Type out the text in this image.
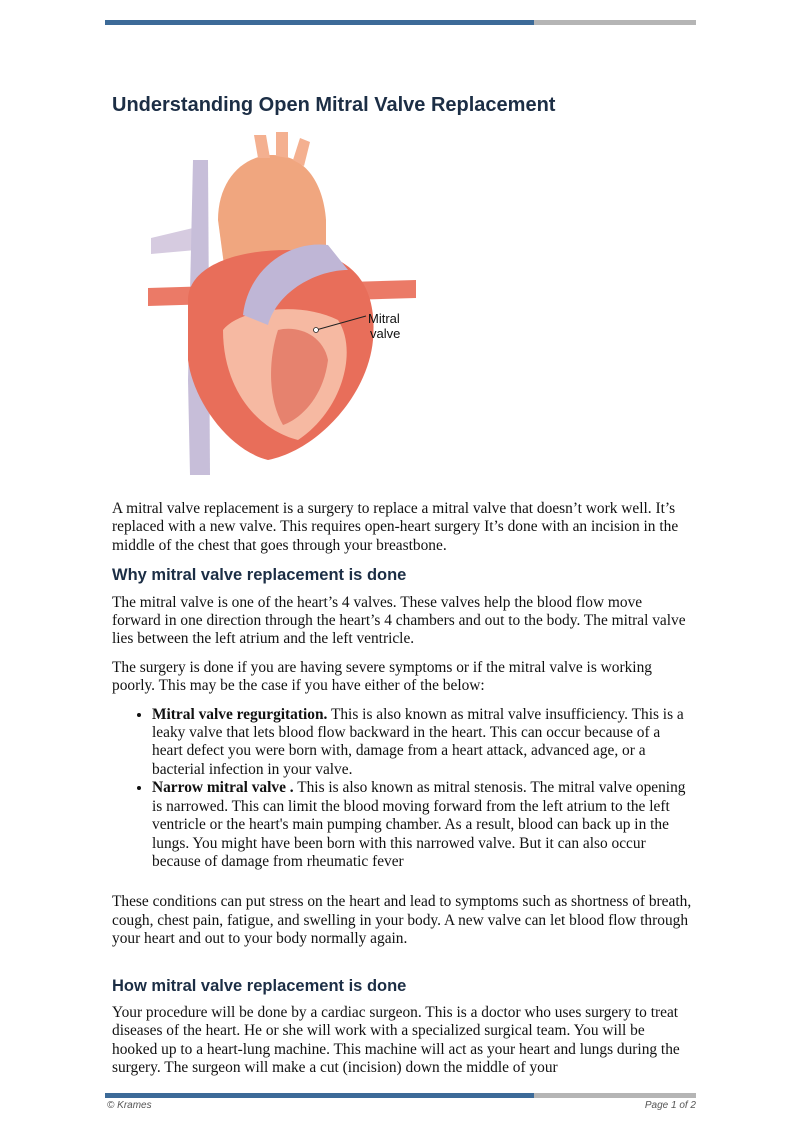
Understanding Open Mitral Valve Replacement
Mitral
valve

A mitral valve replacement is a surgery to replace a mitral valve that doesn’t work well. It’s replaced with a new valve. This requires open-heart surgery It’s done with an incision in the middle of the chest that goes through your breastbone.

Why mitral valve replacement is done

The mitral valve is one of the heart’s 4 valves. These valves help the blood flow move forward in one direction through the heart’s 4 chambers and out to the body. The mitral valve lies between the left atrium and the left ventricle.

The surgery is done if you are having severe symptoms or if the mitral valve is working poorly. This may be the case if you have either of the below:

• Mitral valve regurgitation. This is also known as mitral valve insufficiency. This is a leaky valve that lets blood flow backward in the heart. This can occur because of a heart defect you were born with, damage from a heart attack, advanced age, or a bacterial infection in your valve.
• Narrow mitral valve . This is also known as mitral stenosis. The mitral valve opening is narrowed. This can limit the blood moving forward from the left atrium to the left ventricle or the heart's main pumping chamber. As a result, blood can back up in the lungs. You might have been born with this narrowed valve. But it can also occur because of damage from rheumatic fever

These conditions can put stress on the heart and lead to symptoms such as shortness of breath, cough, chest pain, fatigue, and swelling in your body. A new valve can let blood flow through your heart and out to your body normally again.

How mitral valve replacement is done

Your procedure will be done by a cardiac surgeon. This is a doctor who uses surgery to treat diseases of the heart. He or she will work with a specialized surgical team. You will be hooked up to a heart-lung machine. This machine will act as your heart and lungs during the surgery. The surgeon will make a cut (incision) down the middle of your

© Krames	Page 1 of 2
